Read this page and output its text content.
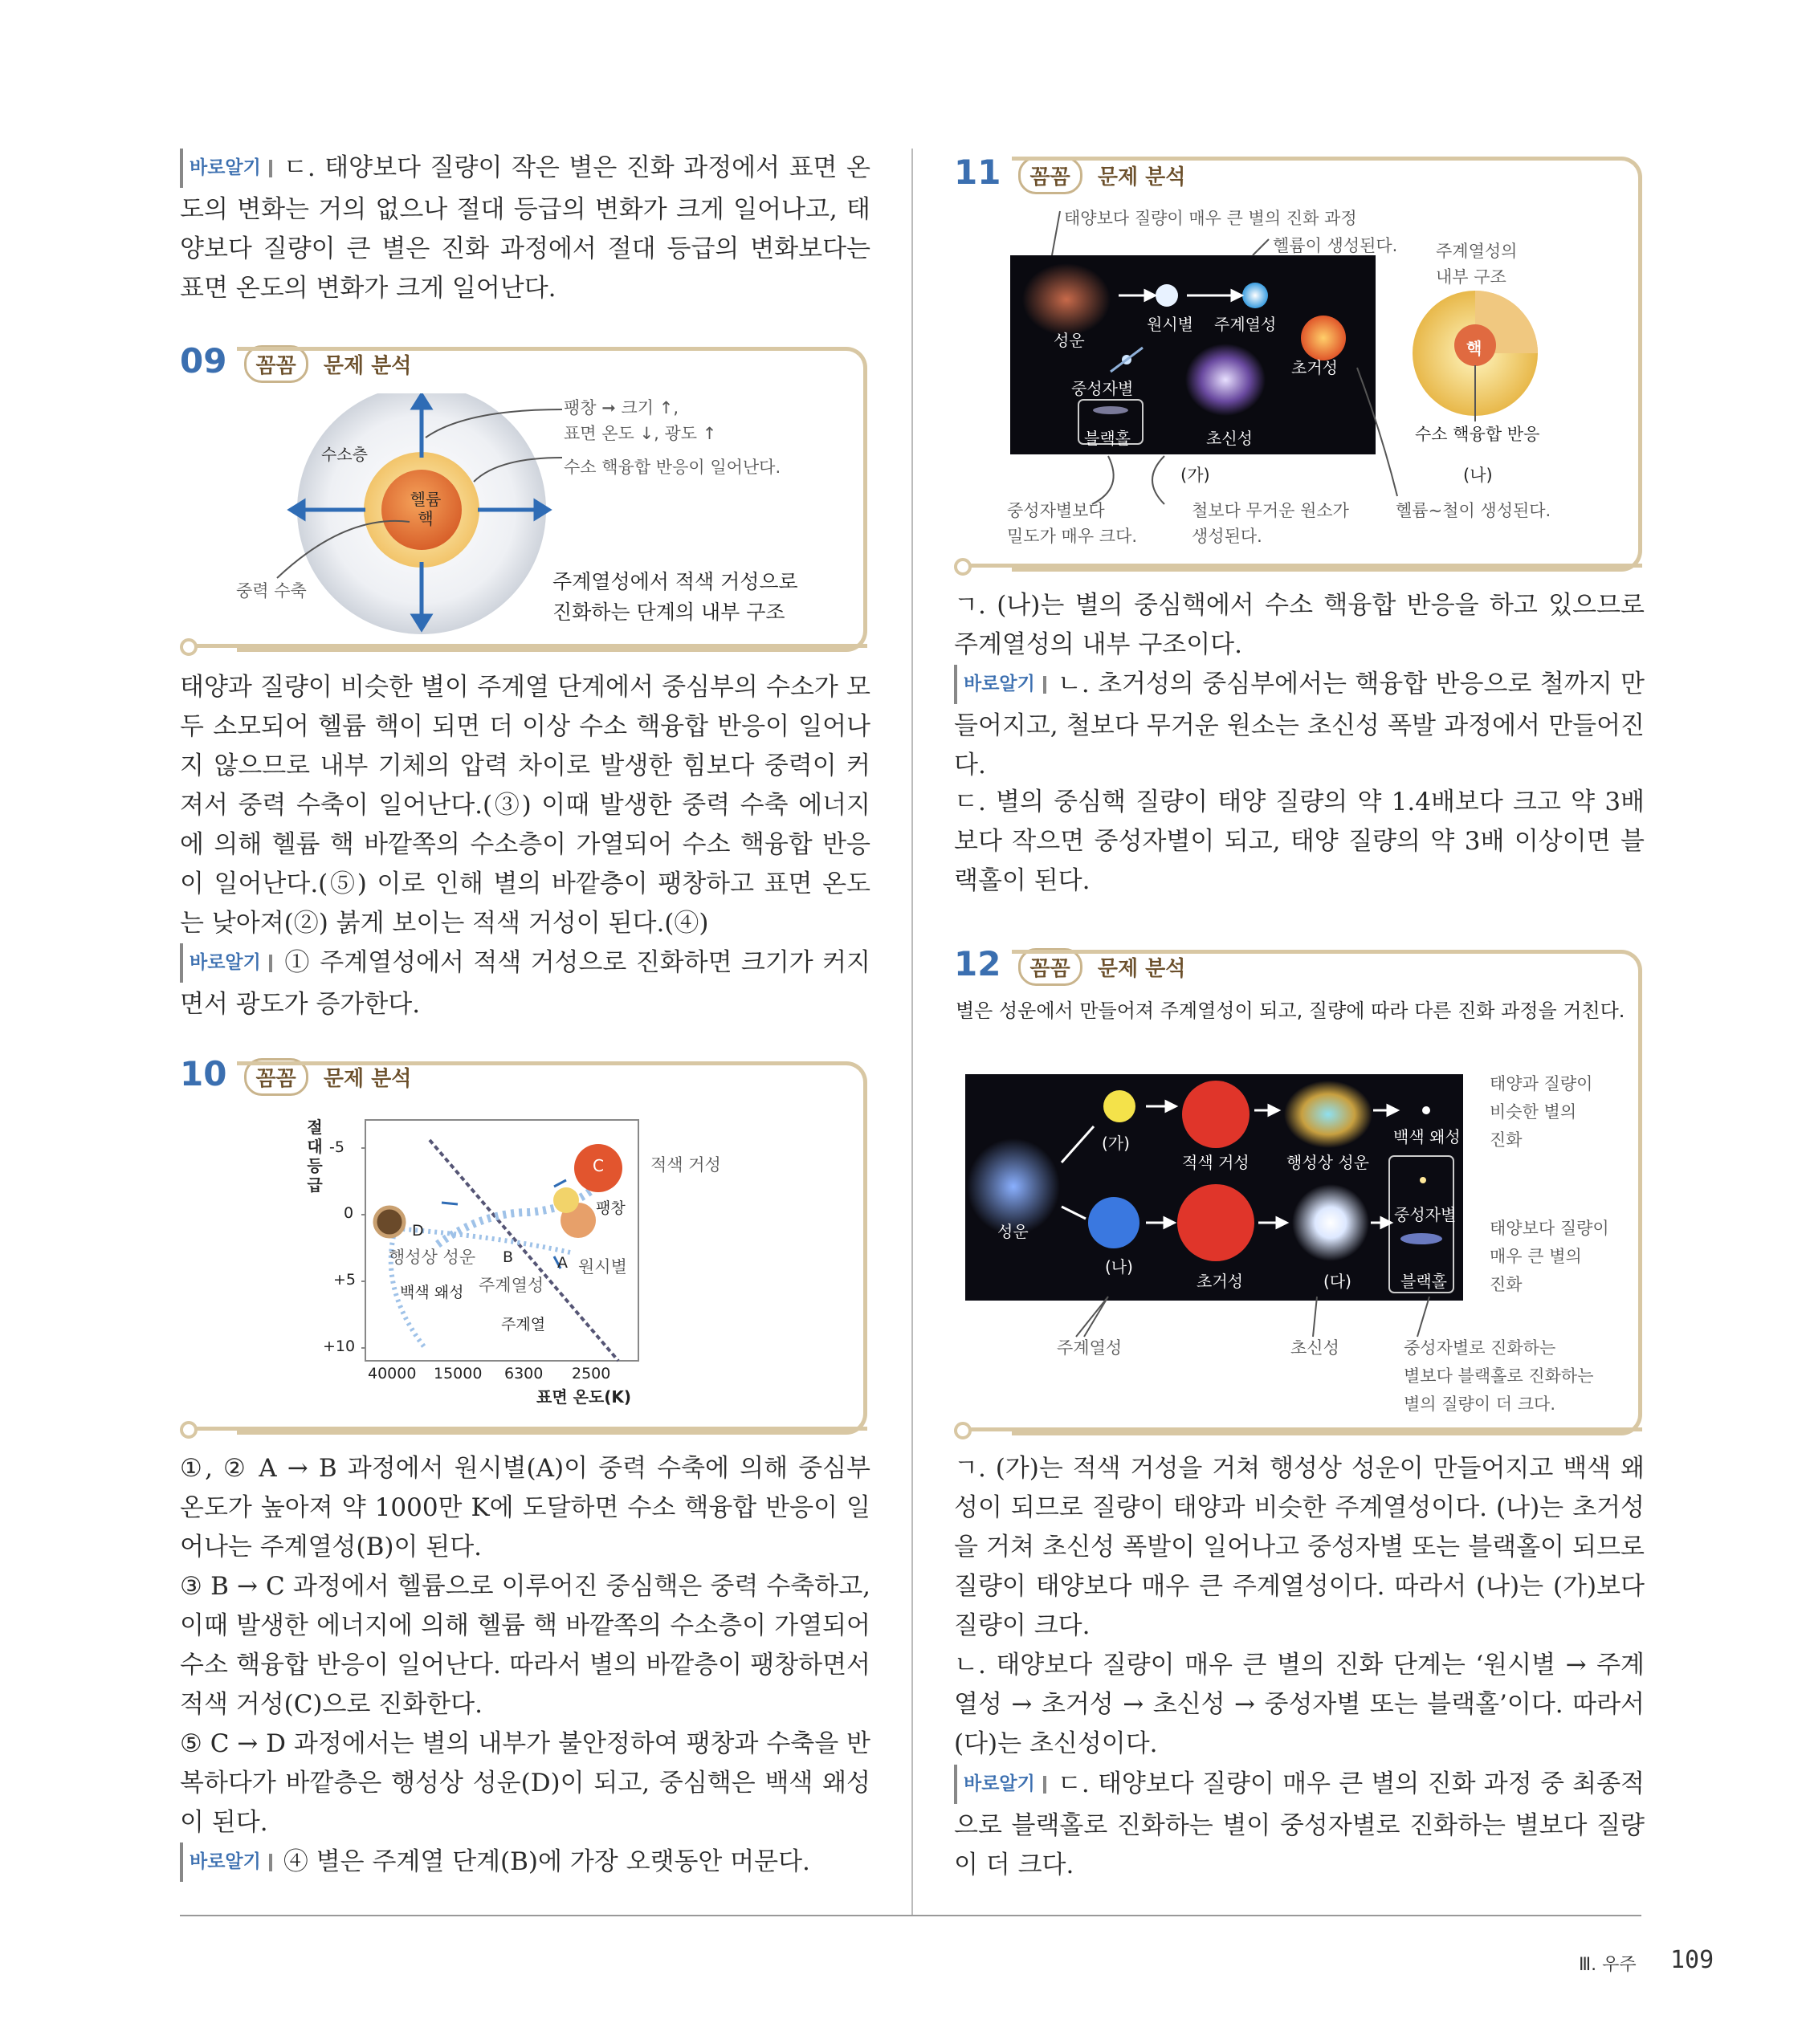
바로알기 ㄷ. 태양보다 질량이 작은 별은 진화 과정에서 표면 온도의 변화는 거의 없으나 절대 등급의 변화가 크게 일어나고, 태양보다 질량이 큰 별은 진화 과정에서 절대 등급의 변화보다는 표면 온도의 변화가 크게 일어난다.

09 꼼꼼 문제 분석
수소층
헬륨 핵
팽창 ➞ 크기 ↑,
표면 온도 ↓, 광도 ↑
수소 핵융합 반응이 일어난다.
중력 수축	주계열성에서 적색 거성으로
진화하는 단계의 내부 구조

태양과 질량이 비슷한 별이 주계열 단계에서 중심부의 수소가 모두 소모되어 헬륨 핵이 되면 더 이상 수소 핵융합 반응이 일어나지 않으므로 내부 기체의 압력 차이로 발생한 힘보다 중력이 커져서 중력 수축이 일어난다.(③) 이때 발생한 중력 수축 에너지에 의해 헬륨 핵 바깥쪽의 수소층이 가열되어 수소 핵융합 반응이 일어난다.(⑤) 이로 인해 별의 바깥층이 팽창하고 표면 온도는 낮아져(②) 붉게 보이는 적색 거성이 된다.(④)

바로알기 ① 주계열성에서 적색 거성으로 진화하면 크기가 커지면서 광도가 증가한다.

10 꼼꼼 문제 분석
절대 등급
-5
0
+5
+10
40000 15000 6300 2500
표면 온도(K)
적색 거성
C
팽창
D
행성상 성운 B	A 원시별
백색 왜성 주계열성
주계열

①, ② A → B 과정에서 원시별(A)이 중력 수축에 의해 중심부 온도가 높아져 약 1000만 K에 도달하면 수소 핵융합 반응이 일어나는 주계열성(B)이 된다.

③ B → C 과정에서 헬륨으로 이루어진 중심핵은 중력 수축하고, 이때 발생한 에너지에 의해 헬륨 핵 바깥쪽의 수소층이 가열되어 수소 핵융합 반응이 일어난다. 따라서 별의 바깥층이 팽창하면서 적색 거성(C)으로 진화한다.

⑤ C → D 과정에서는 별의 내부가 불안정하여 팽창과 수축을 반복하다가 바깥층은 행성상 성운(D)이 되고, 중심핵은 백색 왜성이 된다.

바로알기 ④ 별은 주계열 단계(B)에 가장 오랫동안 머문다.

11 꼼꼼 문제 분석
태양보다 질량이 매우 큰 별의 진화 과정
헬륨이 생성된다. 주계열성의
내부 구조
성운
원시별 주계열성
초거성
중성자별
블랙홀	초신성
핵
수소 핵융합 반응
(가)	(나)
중성자별보다
밀도가 매우 크다.
철보다 무거운 원소가
생성된다.
헬륨~철이 생성된다.

ㄱ. (나)는 별의 중심핵에서 수소 핵융합 반응을 하고 있으므로 주계열성의 내부 구조이다.

바로알기 ㄴ. 초거성의 중심부에서는 핵융합 반응으로 철까지 만들어지고, 철보다 무거운 원소는 초신성 폭발 과정에서 만들어진다.

ㄷ. 별의 중심핵 질량이 태양 질량의 약 1.4배보다 크고 약 3배보다 작으면 중성자별이 되고, 태양 질량의 약 3배 이상이면 블랙홀이 된다.

12 꼼꼼 문제 분석

별은 성운에서 만들어져 주계열성이 되고, 질량에 따라 다른 진화 과정을 거친다.

(가)
적색 거성 행성상 성운
백색 왜성
성운
중성자별
(나)
초거성	(다)	블랙홀
태양과 질량이
비슷한 별의
진화
태양보다 질량이
매우 큰 별의
진화
주계열성	초신성	중성자별로 진화하는
별보다 블랙홀로 진화하는
별의 질량이 더 크다.

ㄱ. (가)는 적색 거성을 거쳐 행성상 성운이 만들어지고 백색 왜성이 되므로 질량이 태양과 비슷한 주계열성이다. (나)는 초거성을 거쳐 초신성 폭발이 일어나고 중성자별 또는 블랙홀이 되므로 질량이 태양보다 매우 큰 주계열성이다. 따라서 (나)는 (가)보다 질량이 크다.

ㄴ. 태양보다 질량이 매우 큰 별의 진화 단계는 ‘원시별 → 주계열성 → 초거성 → 초신성 → 중성자별 또는 블랙홀’이다. 따라서 (다)는 초신성이다.

바로알기 ㄷ. 태양보다 질량이 매우 큰 별의 진화 과정 중 최종적으로 블랙홀로 진화하는 별이 중성자별로 진화하는 별보다 질량이 더 크다.

Ⅲ. 우주 109
